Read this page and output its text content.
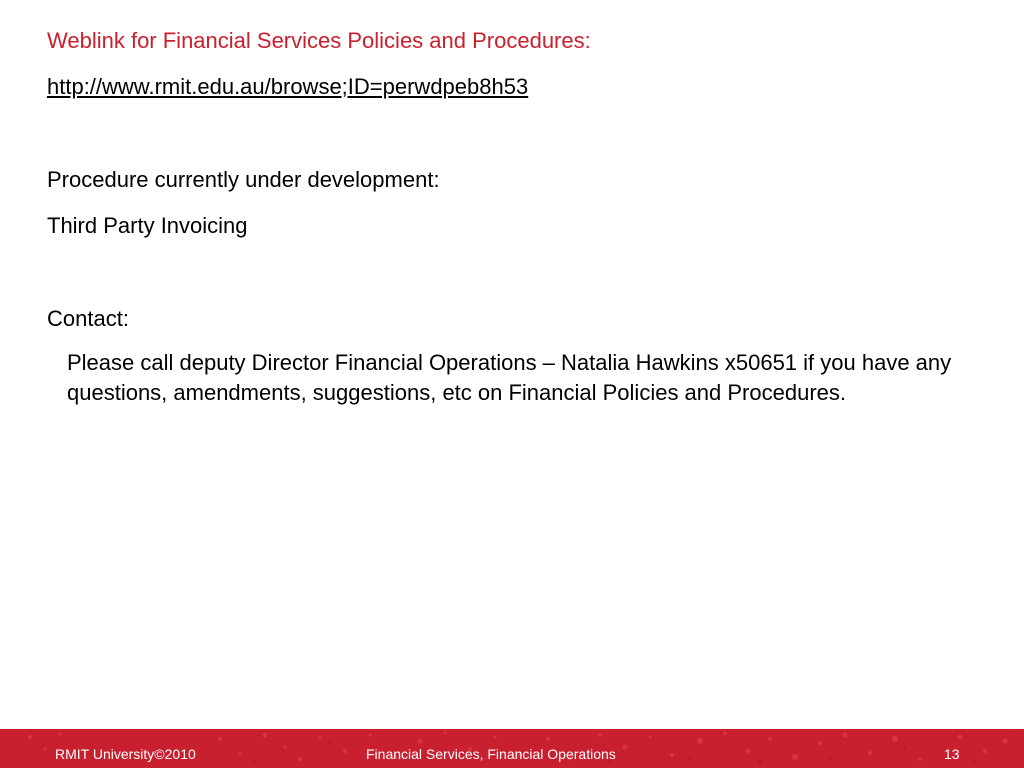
Weblink for Financial Services Policies and Procedures:
http://www.rmit.edu.au/browse;ID=perwdpeb8h53
Procedure currently under development:
Third Party Invoicing
Contact:
Please call deputy Director Financial Operations – Natalia Hawkins x50651 if you have any questions, amendments, suggestions, etc on Financial Policies and Procedures.
RMIT University©2010	Financial Services, Financial Operations	13
